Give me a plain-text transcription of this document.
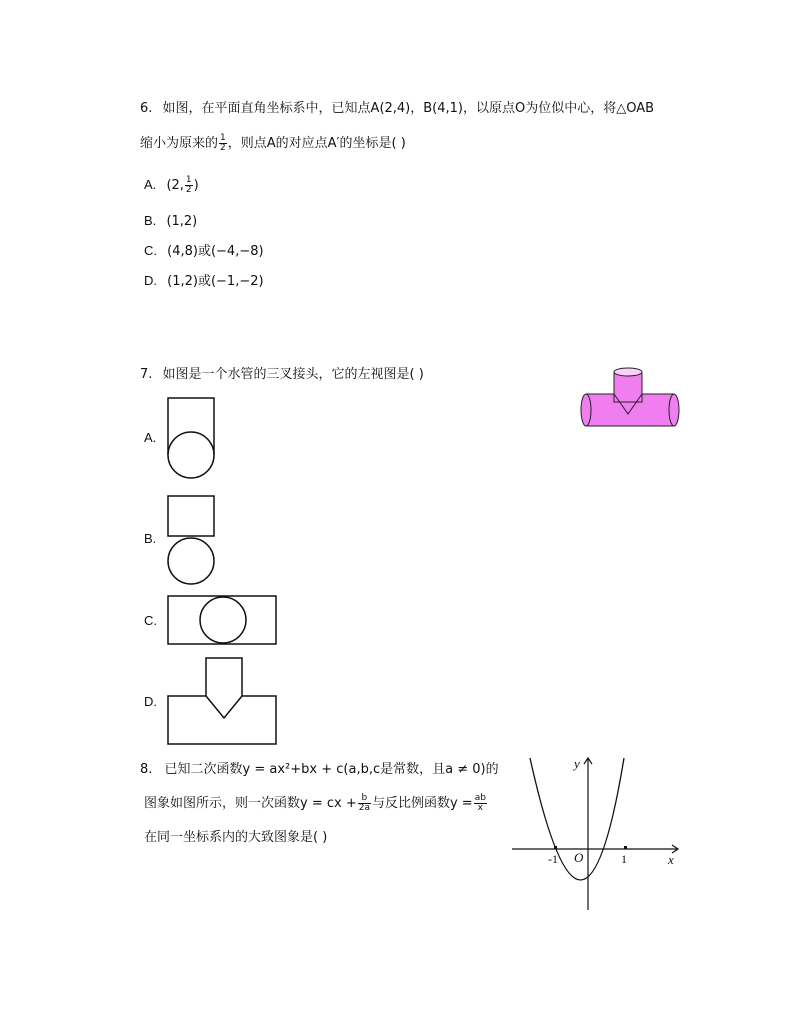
6. 如图，在平面直角坐标系中，已知点A(2,4)，B(4,1)，以原点O为位似中心，将△OAB
缩小为原来的 $\frac{1}{2}$ ，则点A的对应点A′的坐标是( )
A. (2, $\frac{1}{2}$ )
B. (1,2)
C. (4,8)或(−4,−8)
D. (1,2)或(−1,−2)
7. 如图是一个水管的三叉接头，它的左视图是( )
A.
B.
C.
D.
8. 已知二次函数y = ax²+bx + c(a,b,c是常数，且a ≠ 0)的
图象如图所示，则一次函数y = cx + $\frac{b}{2a}$ 与反比例函数$y = \frac{ab}{x}$
在同一坐标系内的大致图象是( )
y
x
O
-1	1
